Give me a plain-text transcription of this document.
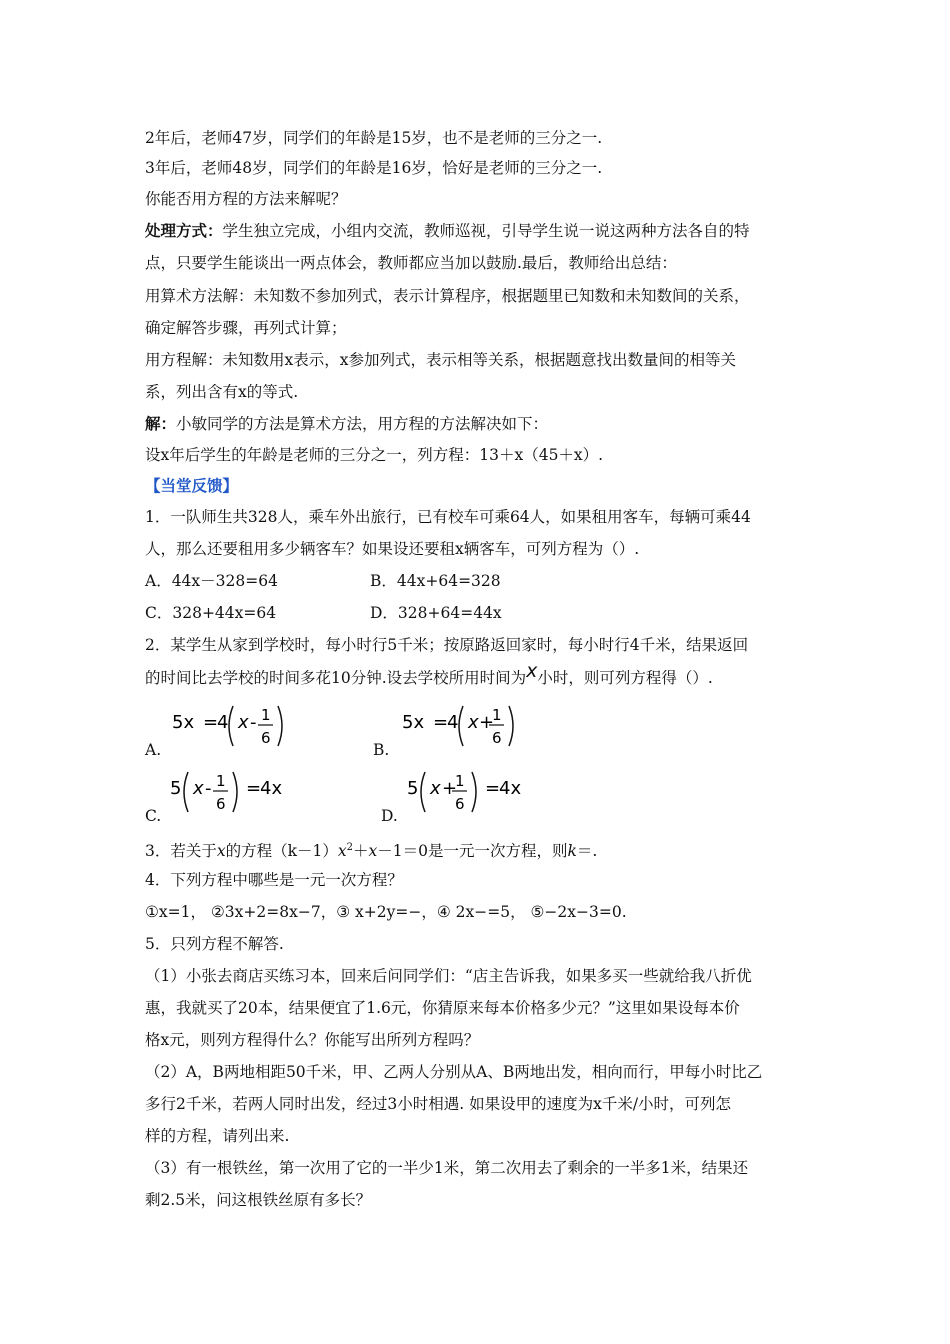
2年后，老师47岁，同学们的年龄是15岁，也不是老师的三分之一.
3年后，老师48岁，同学们的年龄是16岁，恰好是老师的三分之一.
你能否用方程的方法来解呢？
处理方式：学生独立完成，小组内交流，教师巡视，引导学生说一说这两种方法各自的特
点，只要学生能谈出一两点体会，教师都应当加以鼓励.最后，教师给出总结：
用算术方法解：未知数不参加列式，表示计算程序，根据题里已知数和未知数间的关系，
确定解答步骤，再列式计算；
用方程解：未知数用x表示，x参加列式，表示相等关系，根据题意找出数量间的相等关
系，列出含有x的等式.
解：小敏同学的方法是算术方法，用方程的方法解决如下：
设x年后学生的年龄是老师的三分之一，列方程：13＋x（45＋x）.
【当堂反馈】
1．一队师生共328人，乘车外出旅行，已有校车可乘64人，如果租用客车，每辆可乘44
人，那么还要租用多少辆客车？如果设还要租x辆客车，可列方程为（）.
A．44x－328=64	B．44x+64=328
C．328+44x=64	D．328+64=44x
2．某学生从家到学校时，每小时行5千米；按原路返回家时，每小时行4千米，结果返回
的时间比去学校的时间多花10分钟.设去学校所用时间为x小时，则可列方程得（）.
A.
5x =
4 x - 1
6
B.
5x =
4 x +
1
6
C.
5 x - 1
6
=
4x
D.
5 x +
1
6
=
4x
3．若关于x的方程$(k-1)x^2+x-1=0$是一元一次方程，则k＝.
4．下列方程中哪些是一元一次方程？
①x=1， ②3x+2=8x−7，③ x+2y=−，④ 2x−=5， ⑤−2x−3=0.
5．只列方程不解答.
（1）小张去商店买练习本，回来后问同学们：“店主告诉我，如果多买一些就给我八折优
惠，我就买了20本，结果便宜了1.6元，你猜原来每本价格多少元？”这里如果设每本价
格x元，则列方程得什么？你能写出所列方程吗？
（2）A，B两地相距50千米，甲、乙两人分别从A、B两地出发，相向而行，甲每小时比乙
多行2千米，若两人同时出发，经过3小时相遇. 如果设甲的速度为x千米/小时，可列怎
样的方程，请列出来.
（3）有一根铁丝，第一次用了它的一半少1米，第二次用去了剩余的一半多1米，结果还
剩2.5米，问这根铁丝原有多长？
